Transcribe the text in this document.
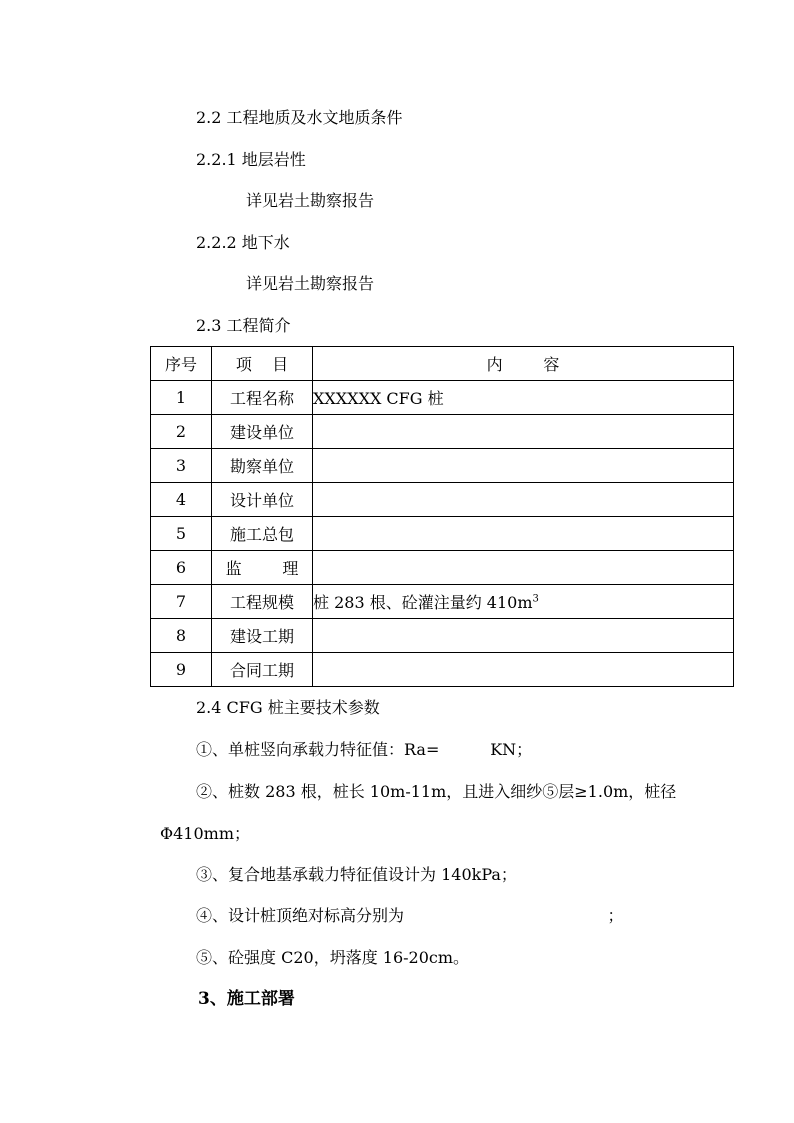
2.2 工程地质及水文地质条件
2.2.1 地层岩性
详见岩土勘察报告
2.2.2 地下水
详见岩土勘察报告
2.3 工程简介
序号	项    目	内        容
1	工程名称	XXXXXX CFG 桩
2	建设单位	
3	勘察单位	
4	设计单位	
5	施工总包	
6	监        理	
7	工程规模	桩 283 根、砼灌注量约 $410m^3$
8	建设工期	
9	合同工期	
2.4 CFG 桩主要技术参数
①、单桩竖向承载力特征值：Ra=          KN；
②、桩数 283 根，桩长 10m-11m，且进入细纱⑤层≥1.0m，桩径
Φ410mm；
③、复合地基承载力特征值设计为 140kPa；
④、设计桩顶绝对标高分别为                                        ；
⑤、砼强度 C20，坍落度 16-20cm。
3、施工部署
